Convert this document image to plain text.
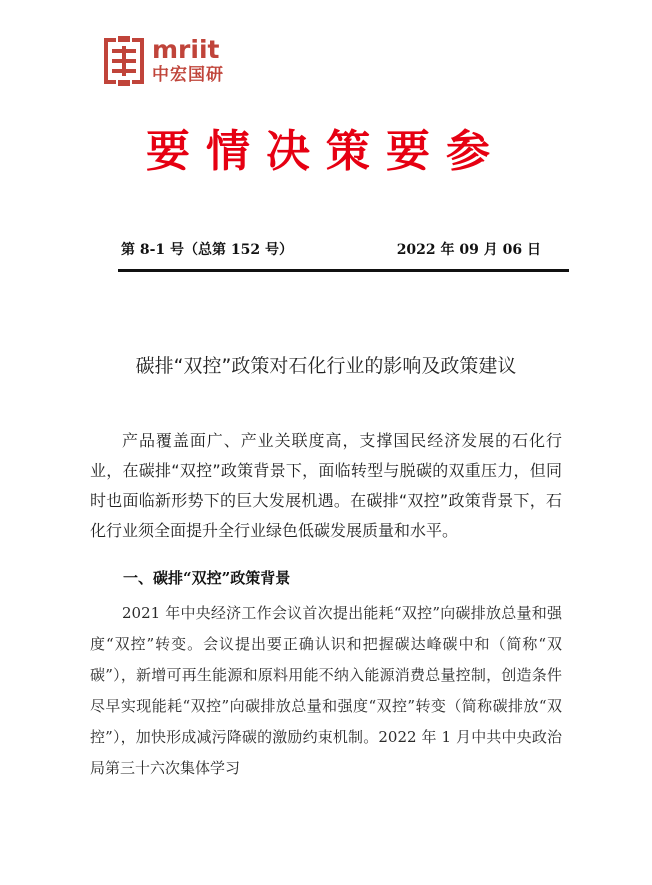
mriit
中宏国研
要情决策要参
第 8-1 号（总第 152 号）	2022 年 09 月 06 日
碳排“双控”政策对石化行业的影响及政策建议

产品覆盖面广、产业关联度高，支撑国民经济发展的石化行业，在碳排“双控”政策背景下，面临转型与脱碳的双重压力，但同时也面临新形势下的巨大发展机遇。在碳排“双控”政策背景下，石化行业须全面提升全行业绿色低碳发展质量和水平。

一、碳排“双控”政策背景

2021 年中央经济工作会议首次提出能耗“双控”向碳排放总量和强度“双控”转变。会议提出要正确认识和把握碳达峰碳中和（简称“双碳”），新增可再生能源和原料用能不纳入能源消费总量控制，创造条件尽早实现能耗“双控”向碳排放总量和强度“双控”转变（简称碳排放“双控”），加快形成减污降碳的激励约束机制。2022 年 1 月中共中央政治局第三十六次集体学习
